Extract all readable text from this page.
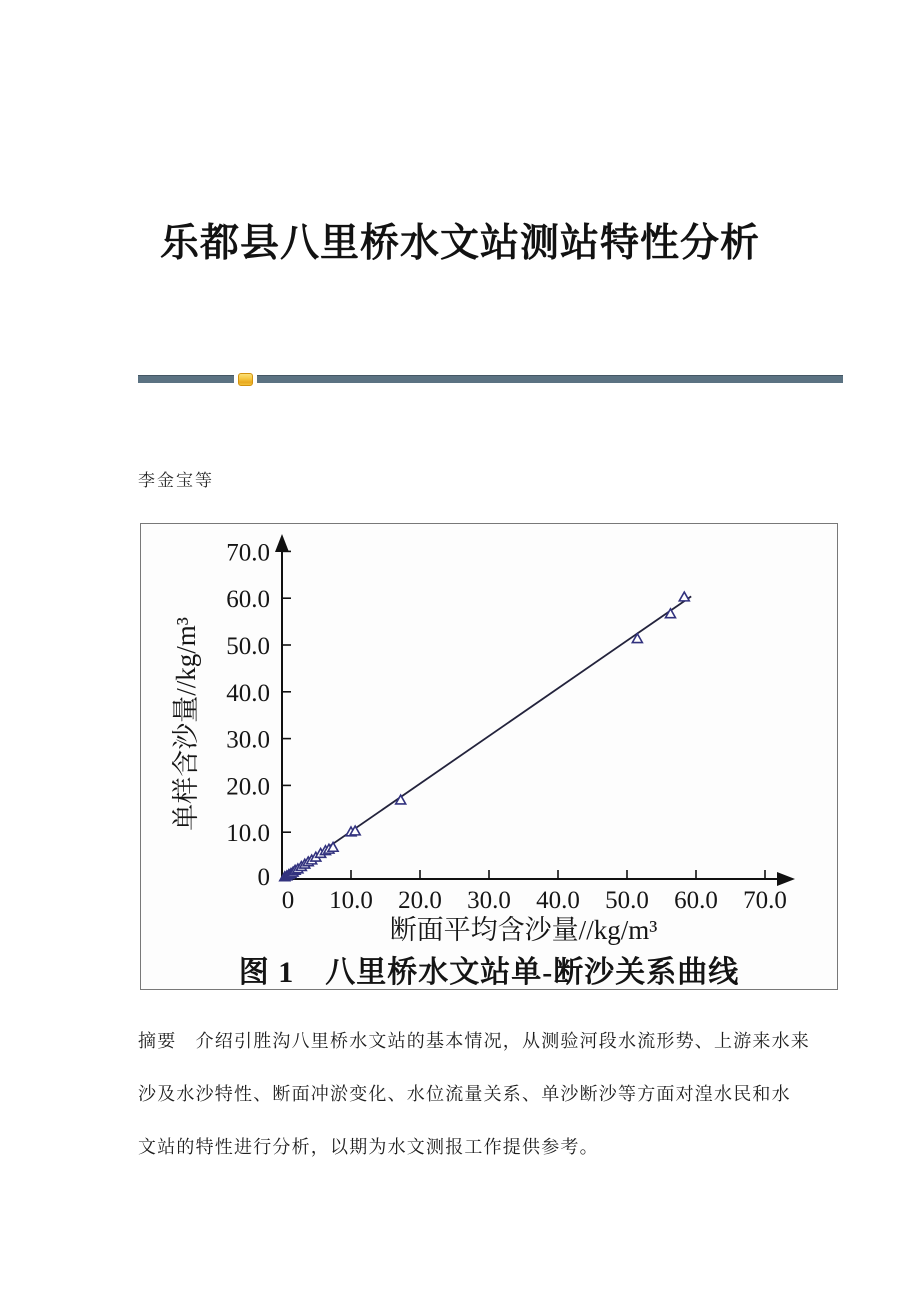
乐都县八里桥水文站测站特性分析
李金宝等
0 10.0 20.0 30.0 40.0 50.0 60.0 70.0
0
10.0
20.0
30.0
40.0
50.0
60.0
70.0
断面平均含沙量//kg/m³
单样含沙量//kg/m³
图 1　八里桥水文站单-断沙关系曲线
摘要　介绍引胜沟八里桥水文站的基本情况，从测验河段水流形势、上游来水来
沙及水沙特性、断面冲淤变化、水位流量关系、单沙断沙等方面对湟水民和水
文站的特性进行分析，以期为水文测报工作提供参考。
